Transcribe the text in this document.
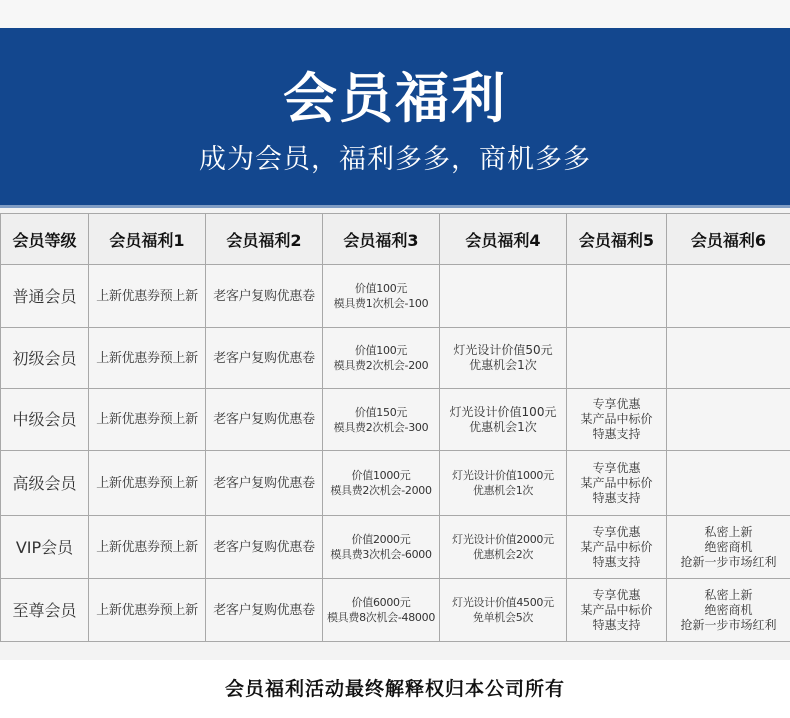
会员福利
成为会员，福利多多，商机多多
会员等级	会员福利1	会员福利2	会员福利3	会员福利4	会员福利5	会员福利6
普通会员	上新优惠券预上新	老客户复购优惠卷	价值100元
模具费1次机会-100			

初级会员	上新优惠券预上新	老客户复购优惠卷	价值100元
模具费2次机会-200	灯光设计价值50元
优惠机会1次		

中级会员	上新优惠券预上新	老客户复购优惠卷	价值150元
模具费2次机会-300	灯光设计价值100元
优惠机会1次	专享优惠
某产品中标价
特惠支持	

高级会员	上新优惠券预上新	老客户复购优惠卷	价值1000元
模具费2次机会-2000	灯光设计价值1000元
优惠机会1次	专享优惠
某产品中标价
特惠支持	

VIP会员	上新优惠券预上新	老客户复购优惠卷	价值2000元
模具费3次机会-6000	灯光设计价值2000元
优惠机会2次	专享优惠
某产品中标价
特惠支持	私密上新
绝密商机
抢新一步市场红利

至尊会员	上新优惠券预上新	老客户复购优惠卷	价值6000元
模具费8次机会-48000	灯光设计价值4500元
免单机会5次	专享优惠
某产品中标价
特惠支持	私密上新
绝密商机
抢新一步市场红利
会员福利活动最终解释权归本公司所有
